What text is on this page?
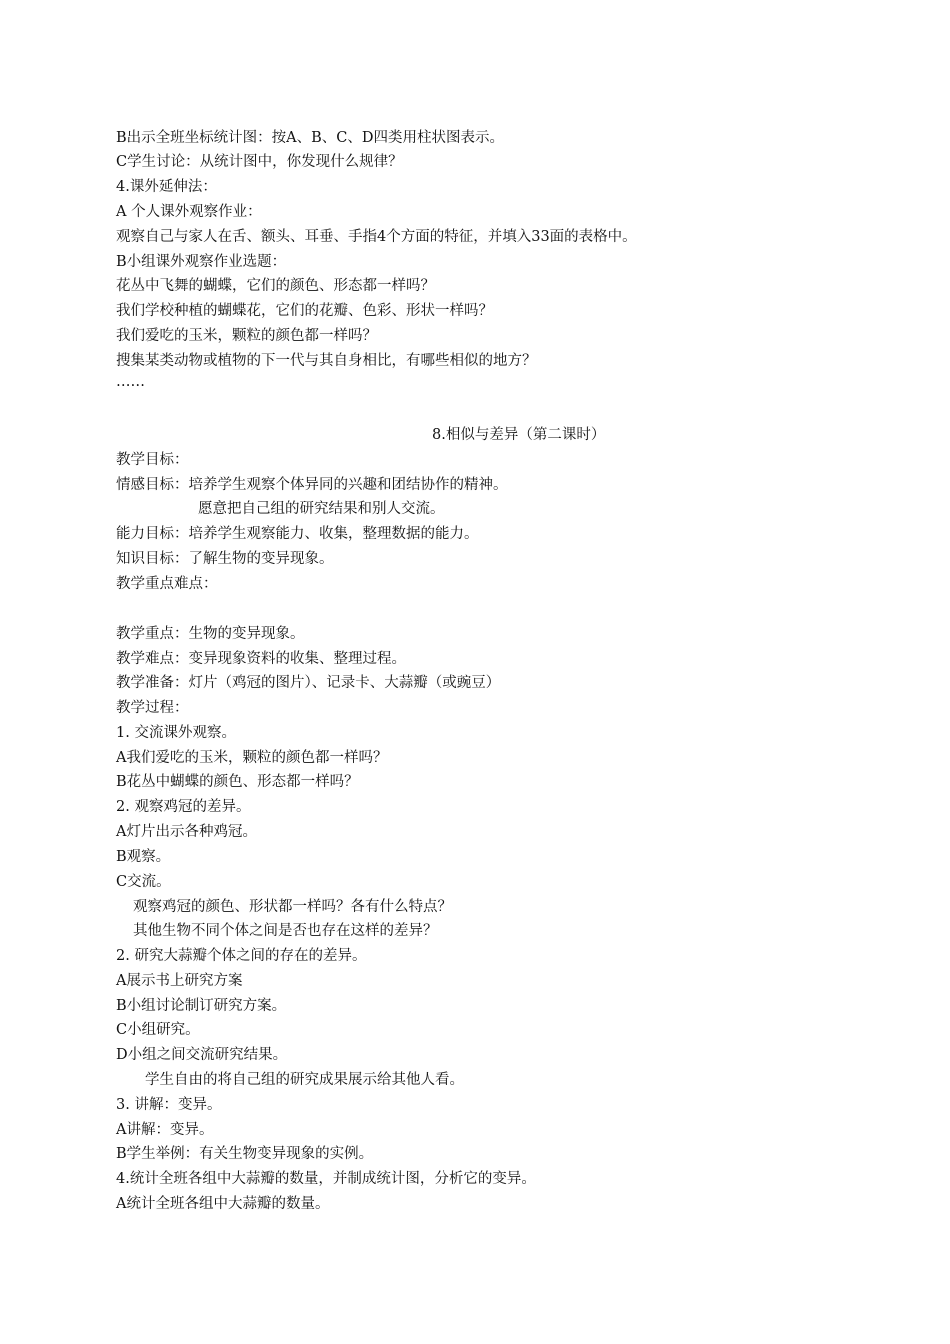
B出示全班坐标统计图：按A、B、C、D四类用柱状图表示。
C学生讨论：从统计图中，你发现什么规律？
4.课外延伸法：
A 个人课外观察作业：
观察自己与家人在舌、额头、耳垂、手指4个方面的特征，并填入33面的表格中。
B小组课外观察作业选题：
花丛中飞舞的蝴蝶，它们的颜色、形态都一样吗？
我们学校种植的蝴蝶花，它们的花瓣、色彩、形状一样吗？
我们爱吃的玉米，颗粒的颜色都一样吗？
搜集某类动物或植物的下一代与其自身相比，有哪些相似的地方？
……
8.相似与差异（第二课时）
教学目标：
情感目标：培养学生观察个体异同的兴趣和团结协作的精神。
愿意把自己组的研究结果和别人交流。
能力目标：培养学生观察能力、收集，整理数据的能力。
知识目标：了解生物的变异现象。
教学重点难点：
教学重点：生物的变异现象。
教学难点：变异现象资料的收集、整理过程。
教学准备：灯片（鸡冠的图片）、记录卡、大蒜瓣（或豌豆）
教学过程：
1. 交流课外观察。
A我们爱吃的玉米，颗粒的颜色都一样吗？
B花丛中蝴蝶的颜色、形态都一样吗？
2. 观察鸡冠的差异。
A灯片出示各种鸡冠。
B观察。
C交流。
观察鸡冠的颜色、形状都一样吗？各有什么特点？
其他生物不同个体之间是否也存在这样的差异？
2. 研究大蒜瓣个体之间的存在的差异。
A展示书上研究方案
B小组讨论制订研究方案。
C小组研究。
D小组之间交流研究结果。
学生自由的将自己组的研究成果展示给其他人看。
3. 讲解：变异。
A讲解：变异。
B学生举例：有关生物变异现象的实例。
4.统计全班各组中大蒜瓣的数量，并制成统计图，分析它的变异。
A统计全班各组中大蒜瓣的数量。
